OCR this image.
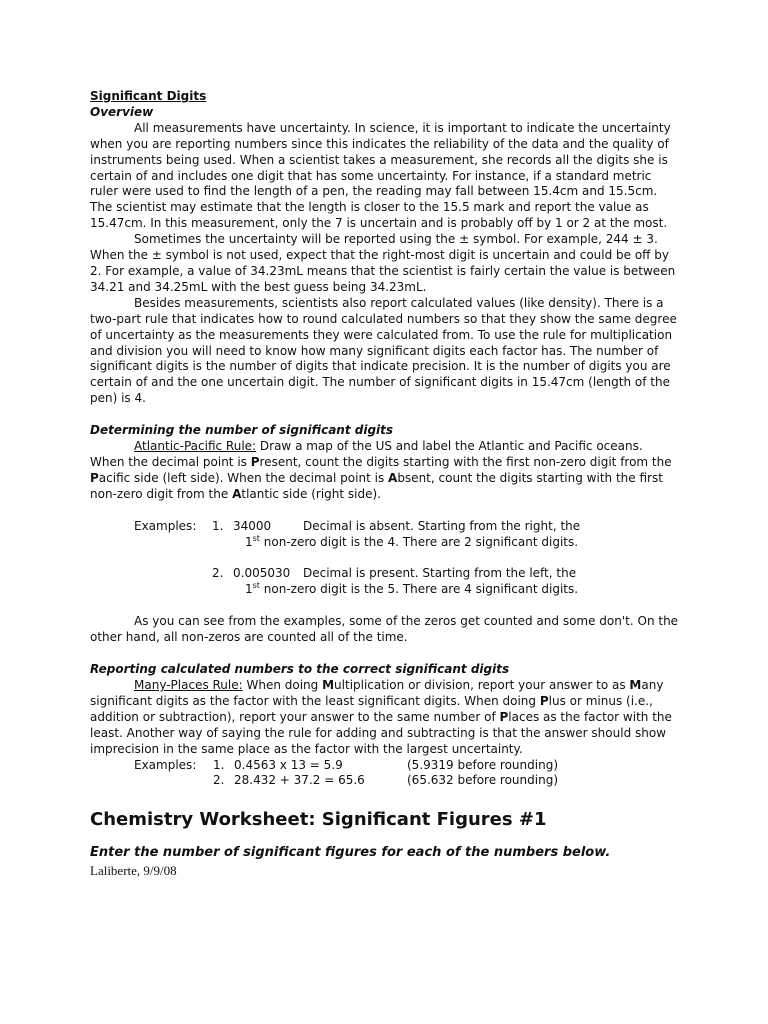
Significant Digits

Overview

All measurements have uncertainty. In science, it is important to indicate the uncertainty when you are reporting numbers since this indicates the reliability of the data and the quality of instruments being used. When a scientist takes a measurement, she records all the digits she is certain of and includes one digit that has some uncertainty. For instance, if a standard metric ruler were used to find the length of a pen, the reading may fall between 15.4cm and 15.5cm. The scientist may estimate that the length is closer to the 15.5 mark and report the value as 15.47cm. In this measurement, only the 7 is uncertain and is probably off by 1 or 2 at the most.

Sometimes the uncertainty will be reported using the ± symbol. For example, 244 ± 3. When the ± symbol is not used, expect that the right-most digit is uncertain and could be off by 2. For example, a value of 34.23mL means that the scientist is fairly certain the value is between 34.21 and 34.25mL with the best guess being 34.23mL.

Besides measurements, scientists also report calculated values (like density). There is a two-part rule that indicates how to round calculated numbers so that they show the same degree of uncertainty as the measurements they were calculated from. To use the rule for multiplication and division you will need to know how many significant digits each factor has. The number of significant digits is the number of digits that indicate precision. It is the number of digits you are certain of and the one uncertain digit. The number of significant digits in 15.47cm (length of the pen) is 4.

Determining the number of significant digits

Atlantic-Pacific Rule: Draw a map of the US and label the Atlantic and Pacific oceans. When the decimal point is Present, count the digits starting with the first non-zero digit from the Pacific side (left side). When the decimal point is Absent, count the digits starting with the first non-zero digit from the Atlantic side (right side).

Examples:	1. 34000	Decimal is absent. Starting from the right, the
1st non-zero digit is the 4. There are 2 significant digits.
2. 0.005030	Decimal is present. Starting from the left, the
1st non-zero digit is the 5. There are 4 significant digits.

As you can see from the examples, some of the zeros get counted and some don't. On the other hand, all non-zeros are counted all of the time.

Reporting calculated numbers to the correct significant digits

Many-Places Rule: When doing Multiplication or division, report your answer to as Many significant digits as the factor with the least significant digits. When doing Plus or minus (i.e., addition or subtraction), report your answer to the same number of Places as the factor with the least. Another way of saying the rule for adding and subtracting is that the answer should show imprecision in the same place as the factor with the largest uncertainty.

Examples:	1. 0.4563 x 13 = 5.9	(5.9319 before rounding)
2. 28.432 + 37.2 = 65.6	(65.632 before rounding)

Chemistry Worksheet: Significant Figures #1

Enter the number of significant figures for each of the numbers below.

Laliberte, 9/9/08
